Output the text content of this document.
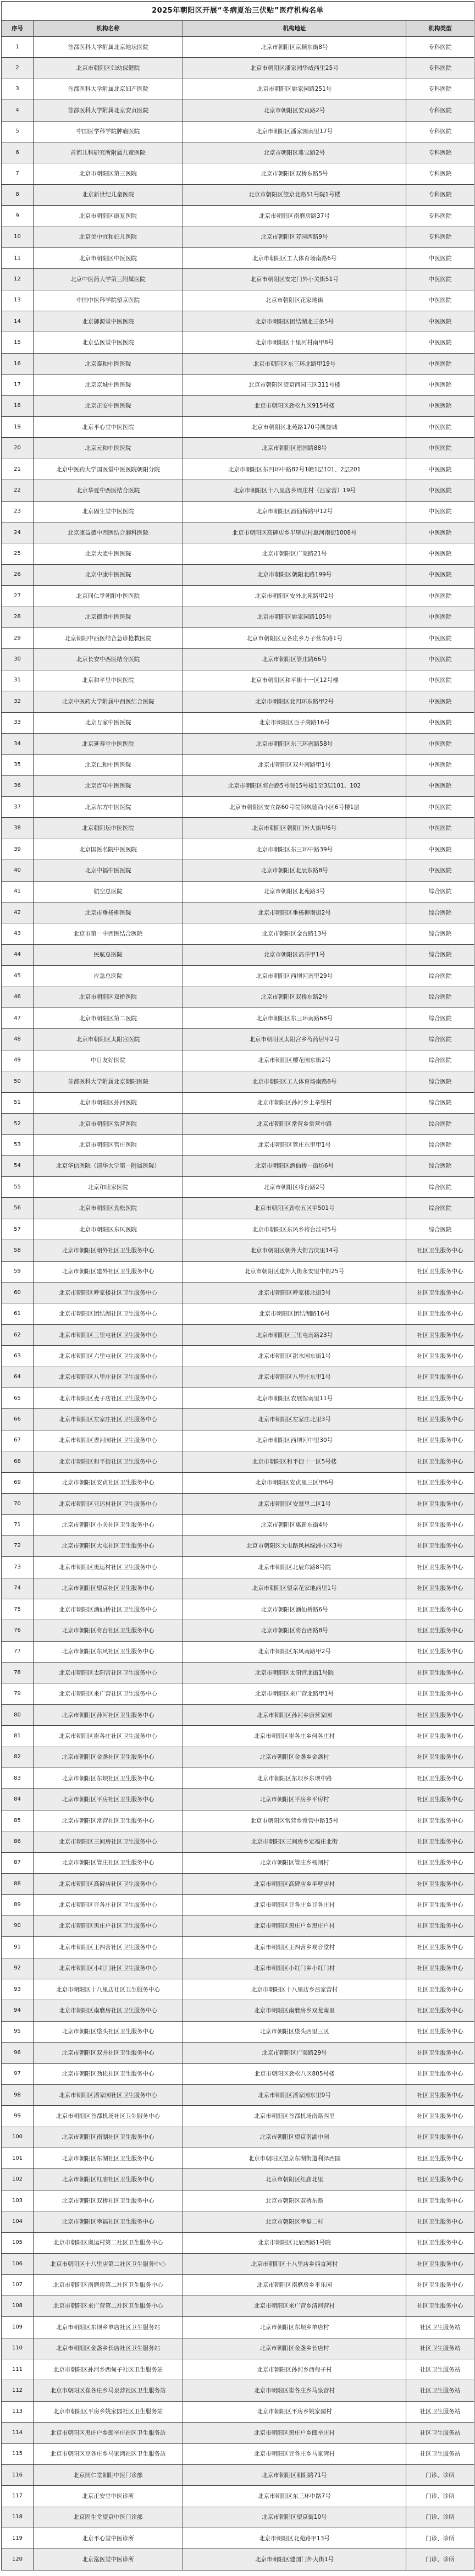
2025年朝阳区开展“冬病夏治三伏贴”医疗机构名单			
序号	机构名称	机构地址	机构类型
1	首都医科大学附属北京地坛医院	北京市朝阳区京顺东街8号	专科医院
2	北京市朝阳区妇幼保健院	北京市朝阳区潘家园华威西里25号	专科医院
3	首都医科大学附属北京妇产医院	北京市朝阳区姚家园路251号	专科医院
4	首都医科大学附属北京安贞医院	北京市朝阳区安贞路2号	专科医院
5	中国医学科学院肿瘤医院	北京市朝阳区潘家园南里17号	专科医院
6	首都儿科研究所附属儿童医院	北京市朝阳区雅宝路2号	专科医院
7	北京市朝阳区第三医院	北京市朝阳区双桥东路5号	专科医院
8	北京新世纪儿童医院	北京市朝阳区望京北路51号院1号楼	专科医院
9	北京市朝阳区康复医院	北京市朝阳区南磨房路37号	专科医院
10	北京美中宜和妇儿医院	北京市朝阳区芳园西路9号	专科医院
11	北京市朝阳区中医医院	北京市朝阳区工人体育场南路6号	中医医院
12	北京中医药大学第三附属医院	北京市朝阳区安定门外小关街51号	中医医院
13	中国中医科学院望京医院	北京市朝阳区花家地街	中医医院
14	北京御源堂中医医院	北京市朝阳区团结湖北三条5号	中医医院
15	北京弘医堂中医医院	北京市朝阳区十里河村南甲8号	中医医院
16	北京泰和中医医院	北京市朝阳区东三环北路甲19号	中医医院
17	北京京城中医医院	北京市朝阳区望京西园三区311号楼	中医医院
18	北京正安中医医院	北京市朝阳区劲松九区915号楼	中医医院
19	北京平心堂中医医院	北京市朝阳区北苑路170号凯旋城	中医医院
20	北京元和中医医院	北京市朝阳区建国路88号	中医医院
21	北京中医药大学国医堂中医医院朝阳分院	北京市朝阳区东四环中路82号1幢1层101、2层201	中医医院
22	北京华夏中西医结合医院	北京市朝阳区十八里店乡周庄村（吕家营）19号	中医医院
23	北京固生堂中医医院	北京市朝阳区酒仙桥路甲12号	中医医院
24	北京康益德中西医结合肺科医院	北京市朝阳区高碑店乡半壁店村惠河南街1008号	中医医院
25	北京大麦中医医院	北京市朝阳区广渠路21号	中医医院
26	北京中康中医医院	北京市朝阳区朝阳北路199号	中医医院
27	北京同仁堂朝阳中医医院	北京市朝阳区安外北苑路甲2号	中医医院
28	北京德胜中医医院	北京市朝阳区姚家园路105号	中医医院
29	北京朝阳中西医结合急诊抢救医院	北京市朝阳区豆各庄乡万子营东路1号	中医医院
30	北京长安中西医结合医院	北京市朝阳区管庄路66号	中医医院
31	北京和平里中医医院	北京市朝阳区和平街十一区12号楼	中医医院
32	北京中医药大学附属中西医结合医院	北京市朝阳区北四环东路甲2号	中医医院
33	北京万家中医医院	北京市朝阳区百子湾路16号	中医医院
34	北京延寿堂中医医院	北京市朝阳区东三环南路58号	中医医院
35	北京仁和中医医院	北京市朝阳区双井南路甲1号	中医医院
36	北京百年中医医院	北京市朝阳区将台路5号院15号楼1至3层101、102	中医医院
37	北京东方中医医院	北京市朝阳区安立路60号院润枫德尚小区6号楼1层	中医医院
38	北京朝阳坛中医医院	北京市朝阳区朝阳门外大街甲6号	中医医院
39	北京国医名院中医医院	北京市朝阳区东三环中路39号	中医医院
40	北京中福中医医院	北京市朝阳区北辰东路8号	中医医院
41	航空总医院	北京市朝阳区北苑路3号	综合医院
42	北京市垂杨柳医院	北京市朝阳区垂杨柳南街2号	综合医院
43	北京市第一中西医结合医院	北京市朝阳区金台路13号	综合医院
44	民航总医院	北京市朝阳区高井甲1号	综合医院
45	应急总医院	北京市朝阳区西坝河南里29号	综合医院
46	北京市朝阳区双桥医院	北京市朝阳区双桥东路2号	综合医院
47	北京市朝阳区第二医院	北京市朝阳区东三环南路68号	综合医院
48	北京市朝阳区太阳宫医院	北京市朝阳区太阳宫乡芍药居甲2号	综合医院
49	中日友好医院	北京市朝阳区樱花园东街2号	综合医院
50	首都医科大学附属北京朝阳医院	北京市朝阳区工人体育场南路8号	综合医院
51	北京市朝阳区孙河医院	北京市朝阳区孙河乡上辛堡村	综合医院
52	北京市朝阳区常营医院	北京市朝阳区常营乡常营中路	综合医院
53	北京市朝阳区管庄医院	北京市朝阳区管庄东里甲1号	综合医院
54	北京华信医院（清华大学第一附属医院）	北京市朝阳区酒仙桥一街坊6号	综合医院
55	北京和睦家医院	北京市朝阳区将台路2号	综合医院
56	北京市朝阳区劲松医院	北京市朝阳区劲松五区甲501号	综合医院
57	北京市朝阳区东风医院	北京市朝阳区东风乡将台洼村5号	综合医院
58	北京市朝阳区朝外社区卫生服务中心	北京市朝阳区朝外大街吉庆里14号	社区卫生服务中心
59	北京市朝阳区建外社区卫生服务中心	北京市朝阳区建外大街永安里中街25号	社区卫生服务中心
60	北京市朝阳区呼家楼社区卫生服务中心	北京市朝阳区呼家楼北街3号	社区卫生服务中心
61	北京市朝阳区团结湖社区卫生服务中心	北京市朝阳区团结湖路16号	社区卫生服务中心
62	北京市朝阳区三里屯社区卫生服务中心	北京市朝阳区三里屯南路23号	社区卫生服务中心
63	北京市朝阳区六里屯社区卫生服务中心	北京市朝阳区甜水园东街1号	社区卫生服务中心
64	北京市朝阳区八里庄社区卫生服务中心	北京市朝阳区八里庄东里1号	社区卫生服务中心
65	北京市朝阳区麦子店社区卫生服务中心	北京市朝阳区农展馆南里11号	社区卫生服务中心
66	北京市朝阳区左家庄社区卫生服务中心	北京市朝阳区左家庄北里3号	社区卫生服务中心
67	北京市朝阳区香河园社区卫生服务中心	北京市朝阳区西坝河中里30号	社区卫生服务中心
68	北京市朝阳区和平街社区卫生服务中心	北京市朝阳区和平街十一区5号楼	社区卫生服务中心
69	北京市朝阳区安贞社区卫生服务中心	北京市朝阳区安贞里三区甲6号	社区卫生服务中心
70	北京市朝阳区亚运村社区卫生服务中心	北京市朝阳区安慧里二区1号	社区卫生服务中心
71	北京市朝阳区小关社区卫生服务中心	北京市朝阳区惠新东街4号	社区卫生服务中心
72	北京市朝阳区大屯社区卫生服务中心	北京市朝阳区大屯路风林绿洲小区3号	社区卫生服务中心
73	北京市朝阳区奥运村社区卫生服务中心	北京市朝阳区北辰东路8号院	社区卫生服务中心
74	北京市朝阳区望京社区卫生服务中心	北京市朝阳区望京花家地西里1号	社区卫生服务中心
75	北京市朝阳区酒仙桥社区卫生服务中心	北京市朝阳区酒仙桥路6号	社区卫生服务中心
76	北京市朝阳区将台社区卫生服务中心	北京市朝阳区将台西路8号	社区卫生服务中心
77	北京市朝阳区东风社区卫生服务中心	北京市朝阳区东风南路甲2号	社区卫生服务中心
78	北京市朝阳区太阳宫社区卫生服务中心	北京市朝阳区太阳宫北街1号院	社区卫生服务中心
79	北京市朝阳区来广营社区卫生服务中心	北京市朝阳区来广营北路甲1号	社区卫生服务中心
80	北京市朝阳区孙河社区卫生服务中心	北京市朝阳区孙河乡康营家园	社区卫生服务中心
81	北京市朝阳区崔各庄社区卫生服务中心	北京市朝阳区崔各庄乡何各庄村	社区卫生服务中心
82	北京市朝阳区金盏社区卫生服务中心	北京市朝阳区金盏乡金盏村	社区卫生服务中心
83	北京市朝阳区东坝社区卫生服务中心	北京市朝阳区东坝乡东坝中路	社区卫生服务中心
84	北京市朝阳区平房社区卫生服务中心	北京市朝阳区平房乡平房村	社区卫生服务中心
85	北京市朝阳区常营社区卫生服务中心	北京市朝阳区常营乡常营中路15号	社区卫生服务中心
86	北京市朝阳区三间房社区卫生服务中心	北京市朝阳区三间房乡定福庄北街	社区卫生服务中心
87	北京市朝阳区管庄社区卫生服务中心	北京市朝阳区管庄乡杨闸村	社区卫生服务中心
88	北京市朝阳区高碑店社区卫生服务中心	北京市朝阳区高碑店乡半壁店村	社区卫生服务中心
89	北京市朝阳区豆各庄社区卫生服务中心	北京市朝阳区豆各庄乡豆各庄村	社区卫生服务中心
90	北京市朝阳区黑庄户社区卫生服务中心	北京市朝阳区黑庄户乡黑庄户村	社区卫生服务中心
91	北京市朝阳区王四营社区卫生服务中心	北京市朝阳区王四营乡观音堂村	社区卫生服务中心
92	北京市朝阳区小红门社区卫生服务中心	北京市朝阳区小红门乡小红门村	社区卫生服务中心
93	北京市朝阳区十八里店社区卫生服务中心	北京市朝阳区十八里店乡吕家营村	社区卫生服务中心
94	北京市朝阳区南磨房社区卫生服务中心	北京市朝阳区南磨房乡双龙南里	社区卫生服务中心
95	北京市朝阳区垡头社区卫生服务中心	北京市朝阳区垡头西里三区	社区卫生服务中心
96	北京市朝阳区双井社区卫生服务中心	北京市朝阳区广渠路29号	社区卫生服务中心
97	北京市朝阳区劲松社区卫生服务中心	北京市朝阳区劲松八区805号楼	社区卫生服务中心
98	北京市朝阳区潘家园社区卫生服务中心	北京市朝阳区潘家园东里9号	社区卫生服务中心
99	北京市朝阳区首都机场社区卫生服务中心	北京市朝阳区首都机场南路西里	社区卫生服务中心
100	北京市朝阳区南湖社区卫生服务中心	北京市朝阳区望京南湖中园	社区卫生服务中心
101	北京市朝阳区东湖社区卫生服务中心	北京市朝阳区望京东湖街道利泽西园	社区卫生服务中心
102	北京市朝阳区红庙社区卫生服务中心	北京市朝阳区红庙北里	社区卫生服务中心
103	北京市朝阳区双桥社区卫生服务中心	北京市朝阳区双桥东路	社区卫生服务中心
104	北京市朝阳区幸福社区卫生服务中心	北京市朝阳区幸福二村	社区卫生服务中心
105	北京市朝阳区奥运村第二社区卫生服务中心	北京市朝阳区北辰西路1号院	社区卫生服务中心
106	北京市朝阳区十八里店第二社区卫生服务中心	北京市朝阳区十八里店乡西直河村	社区卫生服务中心
107	北京市朝阳区南磨房第二社区卫生服务中心	北京市朝阳区南磨房乡平乐园	社区卫生服务中心
108	北京市朝阳区来广营第二社区卫生服务中心	北京市朝阳区来广营乡清河营村	社区卫生服务中心
109	北京市朝阳区东坝乡单店社区卫生服务站	北京市朝阳区东坝乡单店村	社区卫生服务站
110	北京市朝阳区金盏乡长店社区卫生服务站	北京市朝阳区金盏乡长店村	社区卫生服务站
111	北京市朝阳区孙河乡西甸子社区卫生服务站	北京市朝阳区孙河乡西甸子村	社区卫生服务站
112	北京市朝阳区崔各庄乡马泉营社区卫生服务站	北京市朝阳区崔各庄乡马泉营村	社区卫生服务站
113	北京市朝阳区平房乡姚家园社区卫生服务站	北京市朝阳区平房乡姚家园村	社区卫生服务站
114	北京市朝阳区黑庄户乡郎辛庄社区卫生服务站	北京市朝阳区黑庄户乡郎辛庄村	社区卫生服务站
115	北京市朝阳区豆各庄乡马家湾社区卫生服务站	北京市朝阳区豆各庄乡马家湾村	社区卫生服务站
116	北京同仁堂朝阳中医门诊部	北京市朝阳区朝阳路71号	门诊、诊所
117	北京正安堂中医诊所	北京市朝阳区东三环中路7号	门诊、诊所
118	北京固生堂望京中医门诊部	北京市朝阳区望京街10号	门诊、诊所
119	北京平心堂中医诊所	北京市朝阳区北苑路甲13号	门诊、诊所
120	北京泓医堂中医诊所	北京市朝阳区建国门外大街1号	门诊、诊所
